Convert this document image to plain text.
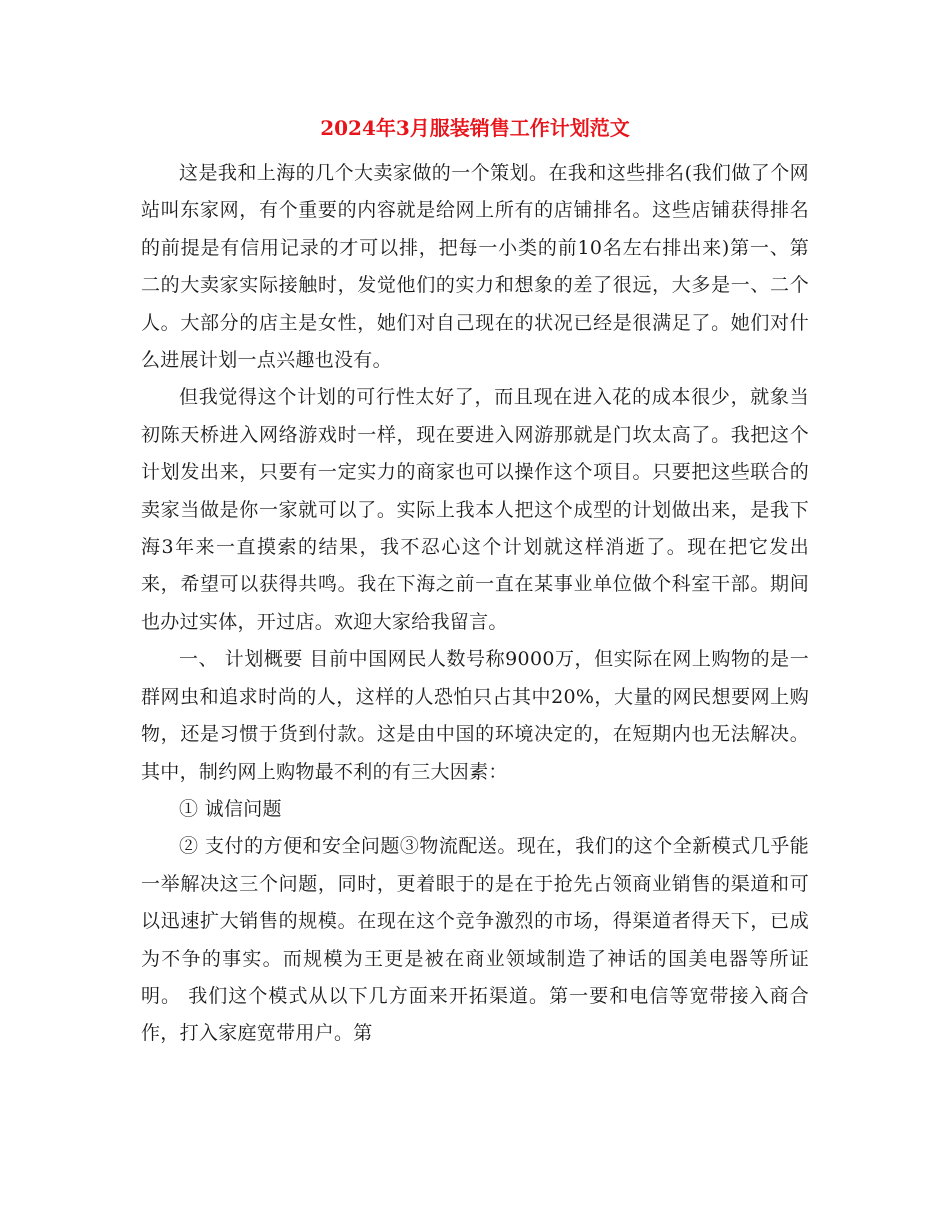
2024年3月服装销售工作计划范文

这是我和上海的几个大卖家做的一个策划。在我和这些排名(我们做了个网站叫东家网，有个重要的内容就是给网上所有的店铺排名。这些店铺获得排名的前提是有信用记录的才可以排，把每一小类的前10名左右排出来)第一、第二的大卖家实际接触时，发觉他们的实力和想象的差了很远，大多是一、二个人。大部分的店主是女性，她们对自己现在的状况已经是很满足了。她们对什么进展计划一点兴趣也没有。

但我觉得这个计划的可行性太好了，而且现在进入花的成本很少，就象当初陈天桥进入网络游戏时一样，现在要进入网游那就是门坎太高了。我把这个计划发出来，只要有一定实力的商家也可以操作这个项目。只要把这些联合的卖家当做是你一家就可以了。实际上我本人把这个成型的计划做出来，是我下海3年来一直摸索的结果，我不忍心这个计划就这样消逝了。现在把它发出来，希望可以获得共鸣。我在下海之前一直在某事业单位做个科室干部。期间也办过实体，开过店。欢迎大家给我留言。

一、 计划概要 目前中国网民人数号称9000万，但实际在网上购物的是一群网虫和追求时尚的人，这样的人恐怕只占其中20%，大量的网民想要网上购物，还是习惯于货到付款。这是由中国的环境决定的，在短期内也无法解决。其中，制约网上购物最不利的有三大因素：

① 诚信问题

② 支付的方便和安全问题③物流配送。现在，我们的这个全新模式几乎能一举解决这三个问题，同时，更着眼于的是在于抢先占领商业销售的渠道和可以迅速扩大销售的规模。在现在这个竞争激烈的市场，得渠道者得天下，已成为不争的事实。而规模为王更是被在商业领域制造了神话的国美电器等所证明。 我们这个模式从以下几方面来开拓渠道。第一要和电信等宽带接入商合作，打入家庭宽带用户。第
